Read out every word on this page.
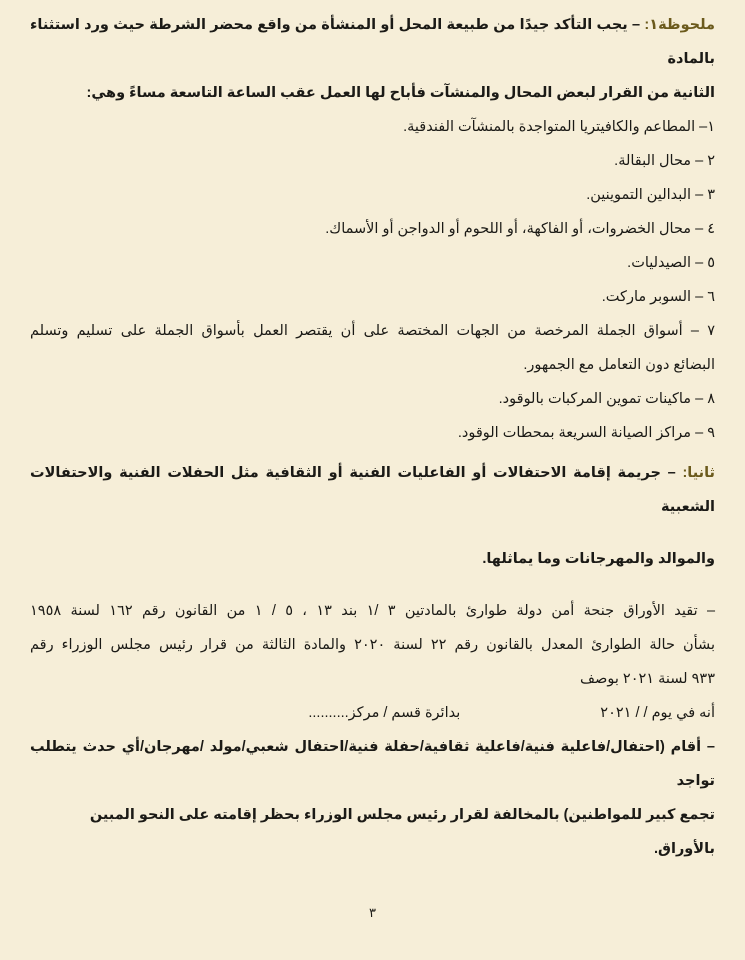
ملحوظة١: – يجب التأكد جيدًا من طبيعة المحل أو المنشأة من واقع محضر الشرطة حيث ورد استثناء بالمادة
الثانية من القرار لبعض المحال والمنشآت فأباح لها العمل عقب الساعة التاسعة مساءً وهي:
١– المطاعم والكافيتريا المتواجدة بالمنشآت الفندقية.
٢ – محال البقالة.
٣ – البدالين التموينين.
٤ – محال الخضروات، أو الفاكهة، أو اللحوم أو الدواجن أو الأسماك.
٥ – الصيدليات.
٦ – السوبر ماركت.
٧ – أسواق الجملة المرخصة من الجهات المختصة على أن يقتصر العمل بأسواق الجملة على تسليم وتسلم
البضائع دون التعامل مع الجمهور.
٨ – ماكينات تموين المركبات بالوقود.
٩ – مراكز الصيانة السريعة بمحطات الوقود.
ثانيا: – جريمة إقامة الاحتفالات أو الفاعليات الفنية أو الثقافية مثل الحفلات الفنية والاحتفالات الشعبية
والموالد والمهرجانات وما يماثلها.
– تقيد الأوراق جنحة أمن دولة طوارئ بالمادتين ٣ /١ بند ١٣ ، ٥ / ١ من القانون رقم ١٦٢ لسنة ١٩٥٨
بشأن حالة الطوارئ المعدل بالقانون رقم ٢٢ لسنة ٢٠٢٠ والمادة الثالثة من قرار رئيس مجلس الوزراء رقم
٩٣٣ لسنة ٢٠٢١ بوصف
أنه في يوم / / ٢٠٢١
بدائرة قسم / مركز..........
– أقام (احتفال/فاعلية فنية/فاعلية ثقافية/حفلة فنية/احتفال شعبي/مولد /مهرجان/أي حدث يتطلب تواجد
تجمع كبير للمواطنين) بالمخالفة لقرار رئيس مجلس الوزراء بحظر إقامته على النحو المبين بالأوراق.
٣
